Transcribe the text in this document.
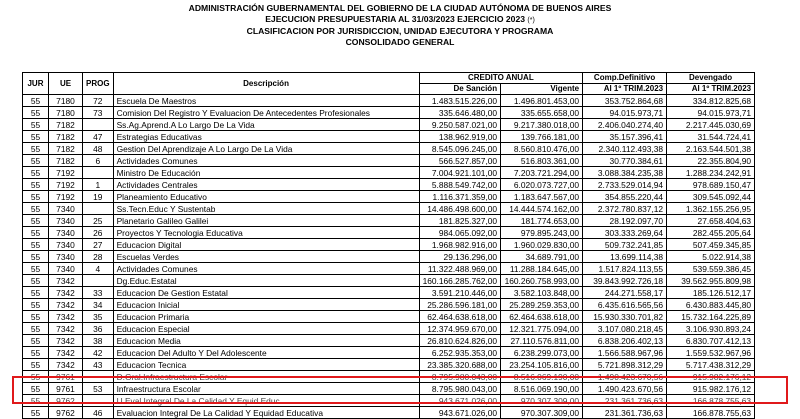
ADMINISTRACIÓN GUBERNAMENTAL DEL GOBIERNO DE LA CIUDAD AUTÓNOMA DE BUENOS AIRES
EJECUCION PRESUPUESTARIA AL 31/03/2023 EJERCICIO 2023 (*)
CLASIFICACION POR JURISDICCION, UNIDAD EJECUTORA Y PROGRAMA
CONSOLIDADO GENERAL
JUR	UE	PROG	Descripción	CREDITO ANUAL		Comp.Definitivo	Devengado
				De Sanción	Vigente	Al 1º TRIM.2023	Al 1º TRIM.2023
55	7180	72	Escuela De Maestros	1.483.515.226,00	1.496.801.453,00	353.752.864,68	334.812.825,68
55	7180	73	Comision Del Registro Y Evaluacion De Antecedentes Profesionales	335.646.480,00	335.655.658,00	94.015.973,71	94.015.973,71
55	7182		Ss.Ag.Aprend.A Lo Largo De La Vida	9.250.587.021,00	9.217.380.018,00	2.406.040.274,40	2.217.445.030,69
55	7182	47	Estrategias Educativas	138.962.919,00	139.766.181,00	35.157.396,41	31.544.724,41
55	7182	48	Gestion Del Aprendizaje A Lo Largo De La Vida	8.545.096.245,00	8.560.810.476,00	2.340.112.493,38	2.163.544.501,38
55	7182	6	Actividades Comunes	566.527.857,00	516.803.361,00	30.770.384,61	22.355.804,90
55	7192		Ministro De Educación	7.004.921.101,00	7.203.721.294,00	3.088.384.235,38	1.288.234.242,91
55	7192	1	Actividades Centrales	5.888.549.742,00	6.020.073.727,00	2.733.529.014,94	978.689.150,47
55	7192	19	Planeamiento Educativo	1.116.371.359,00	1.183.647.567,00	354.855.220,44	309.545.092,44
55	7340		Ss.Tecn.Educ Y Sustentab	14.486.498.600,00	14.444.574.162,00	2.372.780.837,12	1.362.155.256,95
55	7340	25	Planetario Galileo Galilei	181.825.327,00	181.774.653,00	28.192.097,70	27.658.404,63
55	7340	26	Proyectos Y Tecnologia Educativa	984.065.092,00	979.895.243,00	303.333.269,64	282.455.205,64
55	7340	27	Educacion Digital	1.968.982.916,00	1.960.029.830,00	509.732.241,85	507.459.345,85
55	7340	28	Escuelas Verdes	29.136.296,00	34.689.791,00	13.699.114,38	5.022.914,38
55	7340	4	Actividades Comunes	11.322.488.969,00	11.288.184.645,00	1.517.824.113,55	539.559.386,45
55	7342		Dg.Educ.Estatal	160.166.285.762,00	160.260.758.993,00	39.843.992.726,18	39.562.955.809,98
55	7342	33	Educacion De Gestion Estatal	3.591.210.446,00	3.582.103.848,00	244.271.558,17	185.126.512,17
55	7342	34	Educacion Inicial	25.286.596.181,00	25.289.259.353,00	6.435.616.565,56	6.430.883.445,80
55	7342	35	Educacion Primaria	62.464.638.618,00	62.464.638.618,00	15.930.330.701,82	15.732.164.225,89
55	7342	36	Educacion Especial	12.374.959.670,00	12.321.775.094,00	3.107.080.218,45	3.106.930.893,24
55	7342	38	Educacion Media	26.810.624.826,00	27.110.576.811,00	6.838.206.402,13	6.830.707.412,13
55	7342	42	Educacion Del Adulto Y Del Adolescente	6.252.935.353,00	6.238.299.073,00	1.566.588.967,96	1.559.532.967,96
55	7342	43	Educacion Tecnica	23.385.320.688,00	23.254.105.816,00	5.721.898.312,29	5.717.438.312,29
55	9761		D.Gral.Infraestructura Escolar	8.795.980.043,00	8.516.069.190,00	1.490.423.670,56	915.982.176,12
55	9761	53	Infraestructura Escolar	8.795.980.043,00	8.516.069.190,00	1.490.423.670,56	915.982.176,12
55	9762		U.Eval.Integral De La Calidad Y Equid.Educ	943.671.026,00	970.307.309,00	231.361.736,63	166.878.755,63
55	9762	46	Evaluacion Integral De La Calidad Y Equidad Educativa	943.671.026,00	970.307.309,00	231.361.736,63	166.878.755,63
